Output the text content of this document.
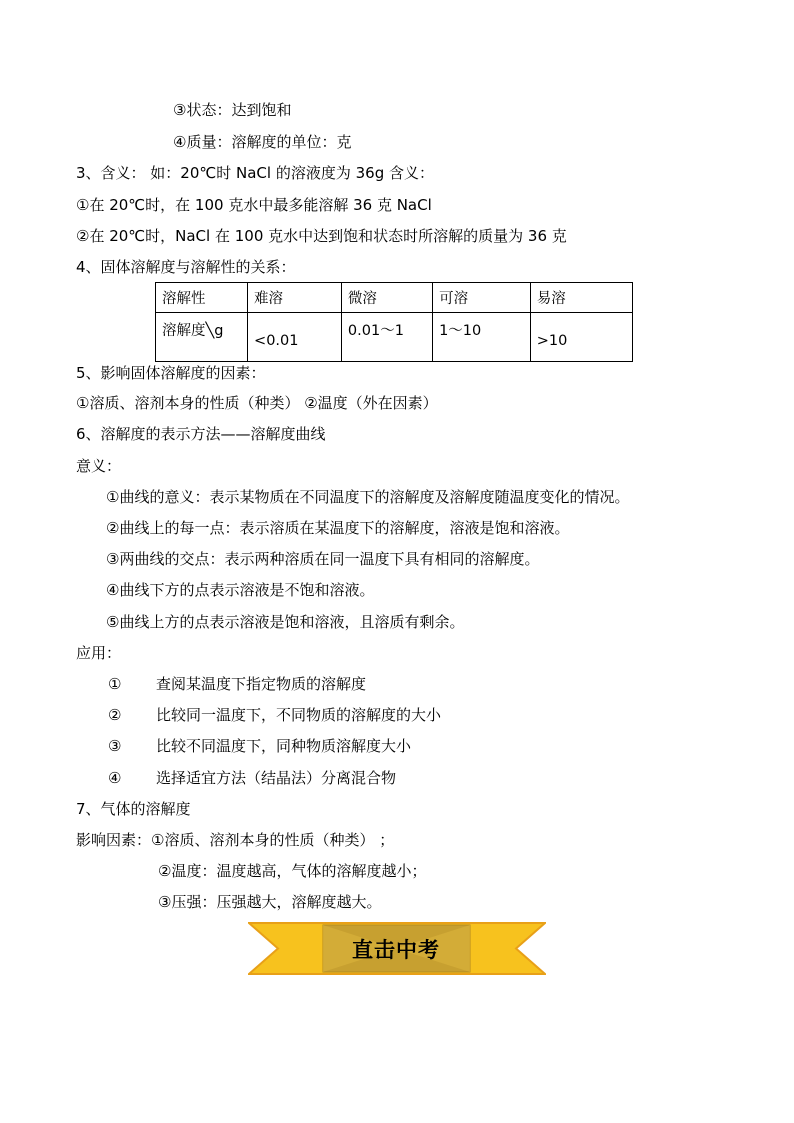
③状态：达到饱和
④质量：溶解度的单位：克
3、含义： 如：20℃时 NaCl 的溶液度为 36g 含义：
①在 20℃时，在 100 克水中最多能溶解 36 克 NaCl
②在 20℃时，NaCl 在 100 克水中达到饱和状态时所溶解的质量为 36 克
4、固体溶解度与溶解性的关系：
溶解性	难溶	微溶	可溶	易溶
溶解度╲g	<0.01	0.01～1	1～10	>10
5、影响固体溶解度的因素：
①溶质、溶剂本身的性质（种类） ②温度（外在因素）
6、溶解度的表示方法——溶解度曲线
意义：
①曲线的意义：表示某物质在不同温度下的溶解度及溶解度随温度变化的情况。
②曲线上的每一点：表示溶质在某温度下的溶解度，溶液是饱和溶液。
③两曲线的交点：表示两种溶质在同一温度下具有相同的溶解度。
④曲线下方的点表示溶液是不饱和溶液。
⑤曲线上方的点表示溶液是饱和溶液，且溶质有剩余。
应用：
① 查阅某温度下指定物质的溶解度
② 比较同一温度下，不同物质的溶解度的大小
③ 比较不同温度下，同种物质溶解度大小
④ 选择适宜方法（结晶法）分离混合物
7、气体的溶解度
影响因素：①溶质、溶剂本身的性质（种类） ；
②温度：温度越高，气体的溶解度越小；
③压强：压强越大，溶解度越大。
直击中考
